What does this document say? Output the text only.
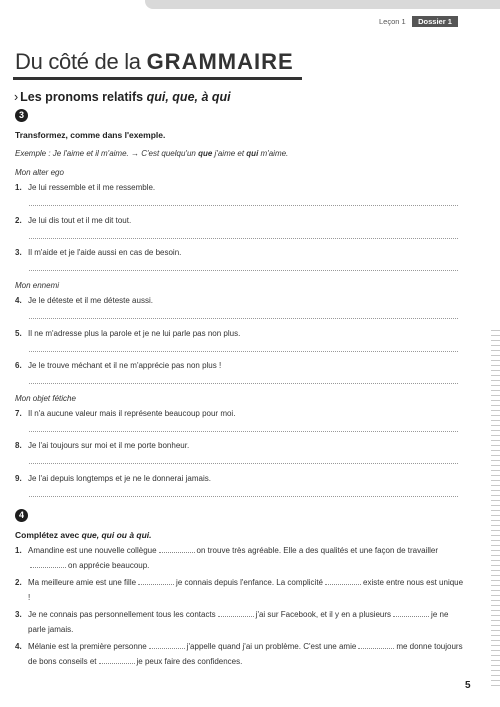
Leçon 1	Dossier 1
Du côté de la GRAMMAIRE
› Les pronoms relatifs qui, que, à qui
3
Transformez, comme dans l'exemple.
Exemple : Je l'aime et il m'aime. → C'est quelqu'un que j'aime et qui m'aime.
Mon alter ego
1. Je lui ressemble et il me ressemble.
2. Je lui dis tout et il me dit tout.
3. Il m'aide et je l'aide aussi en cas de besoin.
Mon ennemi
4. Je le déteste et il me déteste aussi.
5. Il ne m'adresse plus la parole et je ne lui parle pas non plus.
6. Je le trouve méchant et il ne m'apprécie pas non plus !
Mon objet fétiche
7. Il n'a aucune valeur mais il représente beaucoup pour moi.
8. Je l'ai toujours sur moi et il me porte bonheur.
9. Je l'ai depuis longtemps et je ne le donnerai jamais.
4
Complétez avec que, qui ou à qui.
1. Amandine est une nouvelle collègue	on trouve très agréable. Elle a des qualités et une façon de travailleron apprécie beaucoup.
2. Ma meilleure amie est une fille	je connais depuis l'enfance. La complicité	existe entre nous est unique !
3. Je ne connais pas personnellement tous les contacts	j'ai sur Facebook, et il y en a plusieurs	je ne parle jamais.
4. Mélanie est la première personne	j'appelle quand j'ai un problème. C'est une amie	me donne toujours de bons conseils et	je peux faire des confidences.
5
